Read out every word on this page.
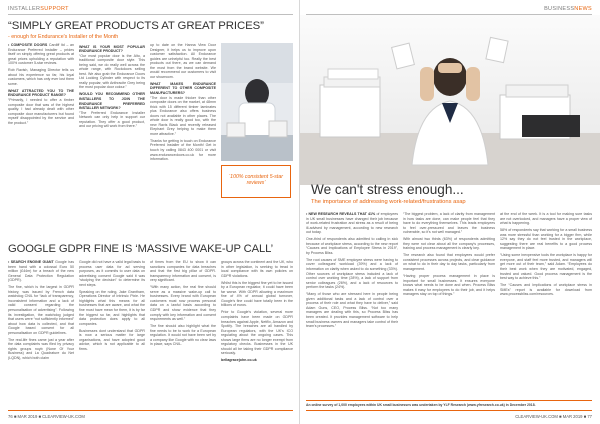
INSTALLERSUPPORT	BUSINESSNEWS
“SIMPLY GREAT PRODUCTS AT GREAT PRICES”
- enough for Endurance's Installer of the Month

• COMPOSITE DOORS Cardiff ltd – an Endurance Preferred Installer – prides itself on simply offering great products at great prices upholding a reputation with 100% customer 5-star reviews.

Rob Ravish, Managing Director tells us about his experience so far, his loyal customers, which has only ever lost them some.

WHAT ATTRACTED YOU TO THE ENDURANCE PRODUCT RANGE?
“Primarily, I needed to offer a timber composite door that was of the highest quality. I had already dealt with other composite door manufacturers but found myself disappointed by the service and the product.”

WHAT IS YOUR MOST POPULAR ENDURANCE PRODUCT?
“Our most popular door is the Alto, a traditional composite door style. This being said, we do really well across the whole range, with Rockdoors selling best. We also grab the Endurance Doors Ltd Locking Cylinder with respect to its really popular, with Anthracite Grey being the most popular door colour.”

WOULD YOU RECOMMEND OTHER INSTALLERS TO JOIN THE ENDURANCE PREFERRED INSTALLER NETWORK?
“The Preferred Endurance Installer Network can only help in support our reputation. They offer a good product, and our pricing will work from there.”

up to date on the Hanna View Door Designer, it helps us to improve upon customer satisfaction. All Endurance guides are unhelpful too. Really the best products out there, as we can demand the most from the brand website. We would recommend our customers to visit our showroom.

WHAT MAKES ENDURANCE DIFFERENT TO OTHER COMPOSITE MANUFACTURERS?
“The door is made thicker than other composite doors on the market, at 48mm thick with 15 different timber laminates plus Endurance also offers business doors not available in other places. The whole door is really good too, with the new Ravis Black and recently released Elephant Grey helping to make them more attractive.”

Thanks for getting in touch on Endurance Preferred Installer of the Month! Get in touch by calling 0843 400 0001 or visit www.endurancedoors.co.uk for more information.

‘100% consistent 5-star reviews’
GOOGLE GDPR FINE IS ‘MASSIVE WAKE-UP CALL’

• SEARCH ENGINE GIANT Google has been hand with a colossal Euro 50 million (£44m) for a breach of the new General Data Protection Regulation (GDPR).

The fine, which is the largest in GDPR history, was issued by French data watchdog CNIL for “lack of transparency, inconsistent information and a lack of valid consent regarding the personalisation of advertising”. Following its investigation, the watchdog judged that users were “not sufficiently informed” about how data is collected, and that Google based consent for all personalisation on GDPR guidelines.

The real-life fines came just a year after the data complaints was filed by privacy rights groups noyb (None Of Your Business) and La Quadrature du Net (LQDN), which both claim

Google did not have a valid legal basis to process user data for ad serving purposes, as it commits to user data on advertising consent Google said it was “studying the decision” to determine its next steps.

Speaking on the ruling, Jake Grantham, Operations Director of Intrinsic Pixie. He highlights what this means for all businesses that are aware, and what the fine must have mean for them, it is by far the biggest so far, and highlights that data protection does apply to all companies.

Businesses dont understand that GDPR is now a serious matter for large organisations, and have adopted good advice, which is not applicable to all firms.

of times from the EU to show it can sanctions companies for data breaches and that the first big pillar of GDPR. transparency information and consent, is very significant.

“With many action, the real fine should serve as a massive wake-up call to businesses. Every brand with European customers must now process personal data on a lawful basis according to GDPR and show evidence that they comply with key information and consent requirements as well.”

The fine should also highlight what the fine needs to be to work for a European regulation. It would not have been set by a company like Google with no clear laws in place, says CNIL.

groups across the continent and the UK, who in other legislation, is seeking to tread in local compliance with its own policies on GDPR violations.

Whilst this is the biggest fine yet to be issued by a European regulator, it could have been far worse. With GDPR allowing a maximum fine of 4% of annual global turnover, Google’s fine could have totally been in the billions of euros.

Prior to Google’s violation, several more complaints have been made on GDPR breaches against Apple, Netflix, Amazon and Spotify. The breaches are all handled by European regulators, with the UK’s ICO regulating about the ongoing cases. This shows large firms are no longer exempt from regulatory checks. Businesses in the UK should all be taking their GDPR compliance seriously.

bellagracejohn.co.uk

We can't stress enough...
The importance of addressing work-related/frustrations asap

• NEW RESEARCH REVEALS THAT 41% of employees in UK small businesses have changed their job because of work-related frustration and stress as a result of being ill-advised by management, according to new research out today.

One-third of respondents also admitted to calling in sick because of workplace stress, according to the new report “Causes and Implications of Employee Stress in 2019”, by Process Bliss.

The root causes of SME employee stress were having to cover colleagues’ workload (39%) and a lack of information on clarity when asked to do something (33%). Other sources of workplace stress included a lack of control over working time (28%), a lack of support from senior colleagues (26%), and a lack of resources to perform the tasks (24%).

“Many of those who are stressed here in people being given additional tasks and a lack of control over a process of their role and what they have to deliver,” said Adam Guns, CEO, Process Bliss. “Not too many managers are dealing with this, so Process Bliss has been created. It provides management software to help small business owners and managers take control of their team’s processes.”

“The biggest problem, a lack of clarity from management in how tasks are done, can make people feel that they have to do everything themselves. This leads employees to feel over-pressured and leaves the business vulnerable, so it’s not well managed.”

With almost two thirds (63%) of respondents admitting they were not clear about all the company’s processes, training and process management is clearly key.

The research also found that employees would prefer consistent processes across projects, and clear guidance on what to do in their day to day tasks, particularly from management.

“Having proper process management in place is important for small businesses. It ensures everyone knows what needs to be done and when. Process Bliss makes it easy for employees to do their job, and it helps managers stay on top of things.”

at the end of the week. It is a tool for making sure tasks are not overlooked, and managers have a proper view of what is happening.

58% of respondents say that working for a small business was more stressful than working for a bigger firm, while 12% say they do not feel trusted in the workplace, suggesting there are real benefits to a good process management in place.

“Using some inexpensive tools the workplace is happy for everyone, and staff feel more trusted, and managers will get more out of their team,” said Adam. “Employees do their best work when they are motivated, engaged, trusted and valued. Good process management is the best way to achieve this.”

The “Causes and Implications of workplace stress in SMEs” report is available for download from www.processbliss.com/resources.

An online survey of 1,000 employees within UK small businesses was undertaken by YLF Research (www.yfresearch.co.uk) in December 2018.
76 ■ MAR 2019 ■ CLEARVIEW-UK.COM	CLEARVIEW-UK.COM ■ MAR 2019 ■ 77
